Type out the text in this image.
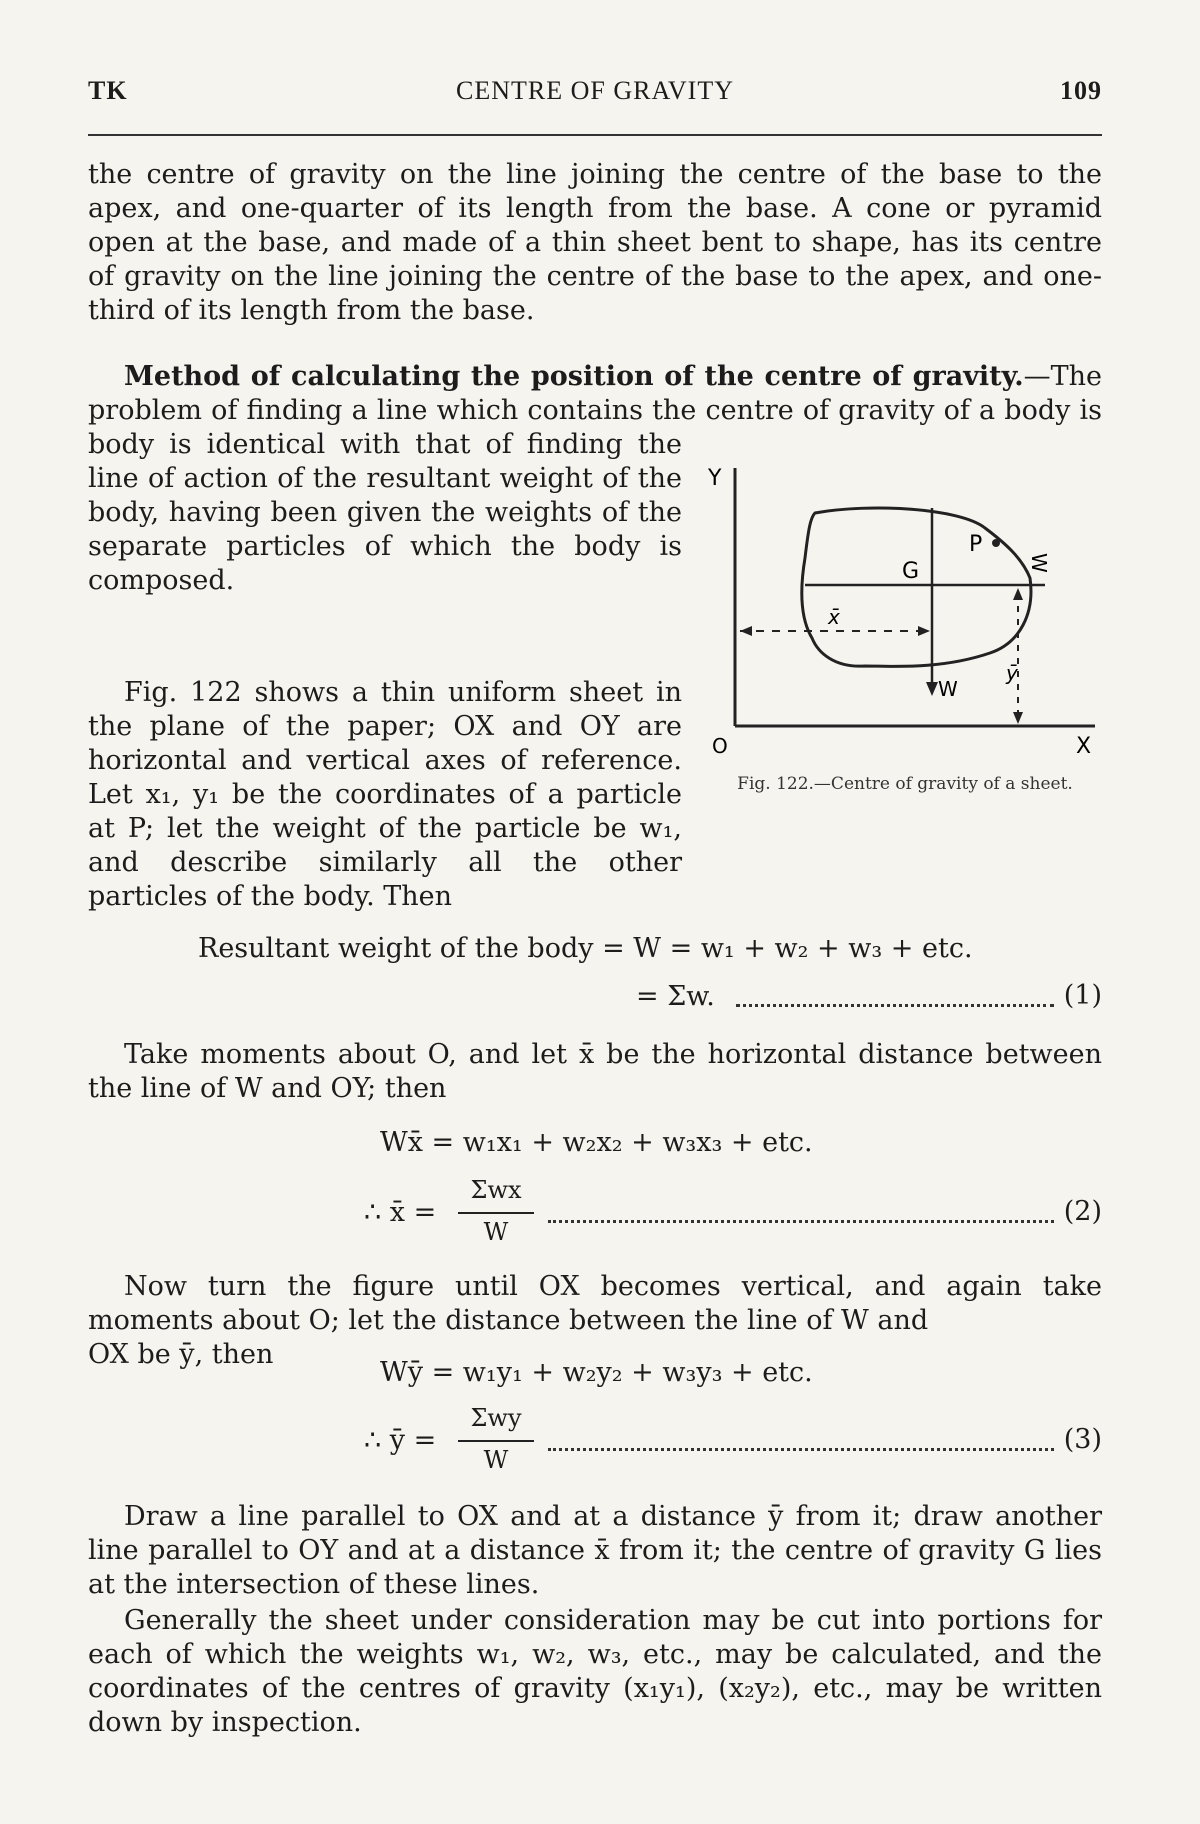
TK	CENTRE OF GRAVITY	109
the centre of gravity on the line joining the centre of the base to the apex, and one-quarter of its length from the base. A cone or pyramid open at the base, and made of a thin sheet bent to shape, has its centre of gravity on the line joining the centre of the base to the apex, and one-third of its length from the base.
Method of calculating the position of the centre of gravity.—The problem of finding a line which contains the centre of gravity of a body is
body is identical with that of finding the line of action of the resultant weight of the body, having been given the weights of the separate particles of which the body is composed.
Fig. 122 shows a thin uniform sheet in the plane of the paper; OX and OY are horizontal and vertical axes of reference. Let x₁, y₁ be the coordinates of a particle at P; let the weight of the particle be w₁, and describe similarly all the other particles of the body. Then
P
G
Y
X
O
W
W
x̄
ȳ
Fig. 122.—Centre of gravity of a sheet.
Resultant weight of the body = W = w₁ + w₂ + w₃ + etc.
= Σw.	(1)
Take moments about O, and let x̄ be the horizontal distance between the line of W and OY; then
Wx̄ = w₁x₁ + w₂x₂ + w₃x₃ + etc.
∴ x̄ =
Σwx
W
(2)
Now turn the figure until OX becomes vertical, and again take moments about O; let the distance between the line of W and
OX be ȳ, then
Wȳ = w₁y₁ + w₂y₂ + w₃y₃ + etc.
∴ ȳ =
Σwy
W
(3)
Draw a line parallel to OX and at a distance ȳ from it; draw another line parallel to OY and at a distance x̄ from it; the centre of gravity G lies at the intersection of these lines.
Generally the sheet under consideration may be cut into portions for each of which the weights w₁, w₂, w₃, etc., may be calculated, and the coordinates of the centres of gravity (x₁y₁), (x₂y₂), etc., may be written down by inspection.
